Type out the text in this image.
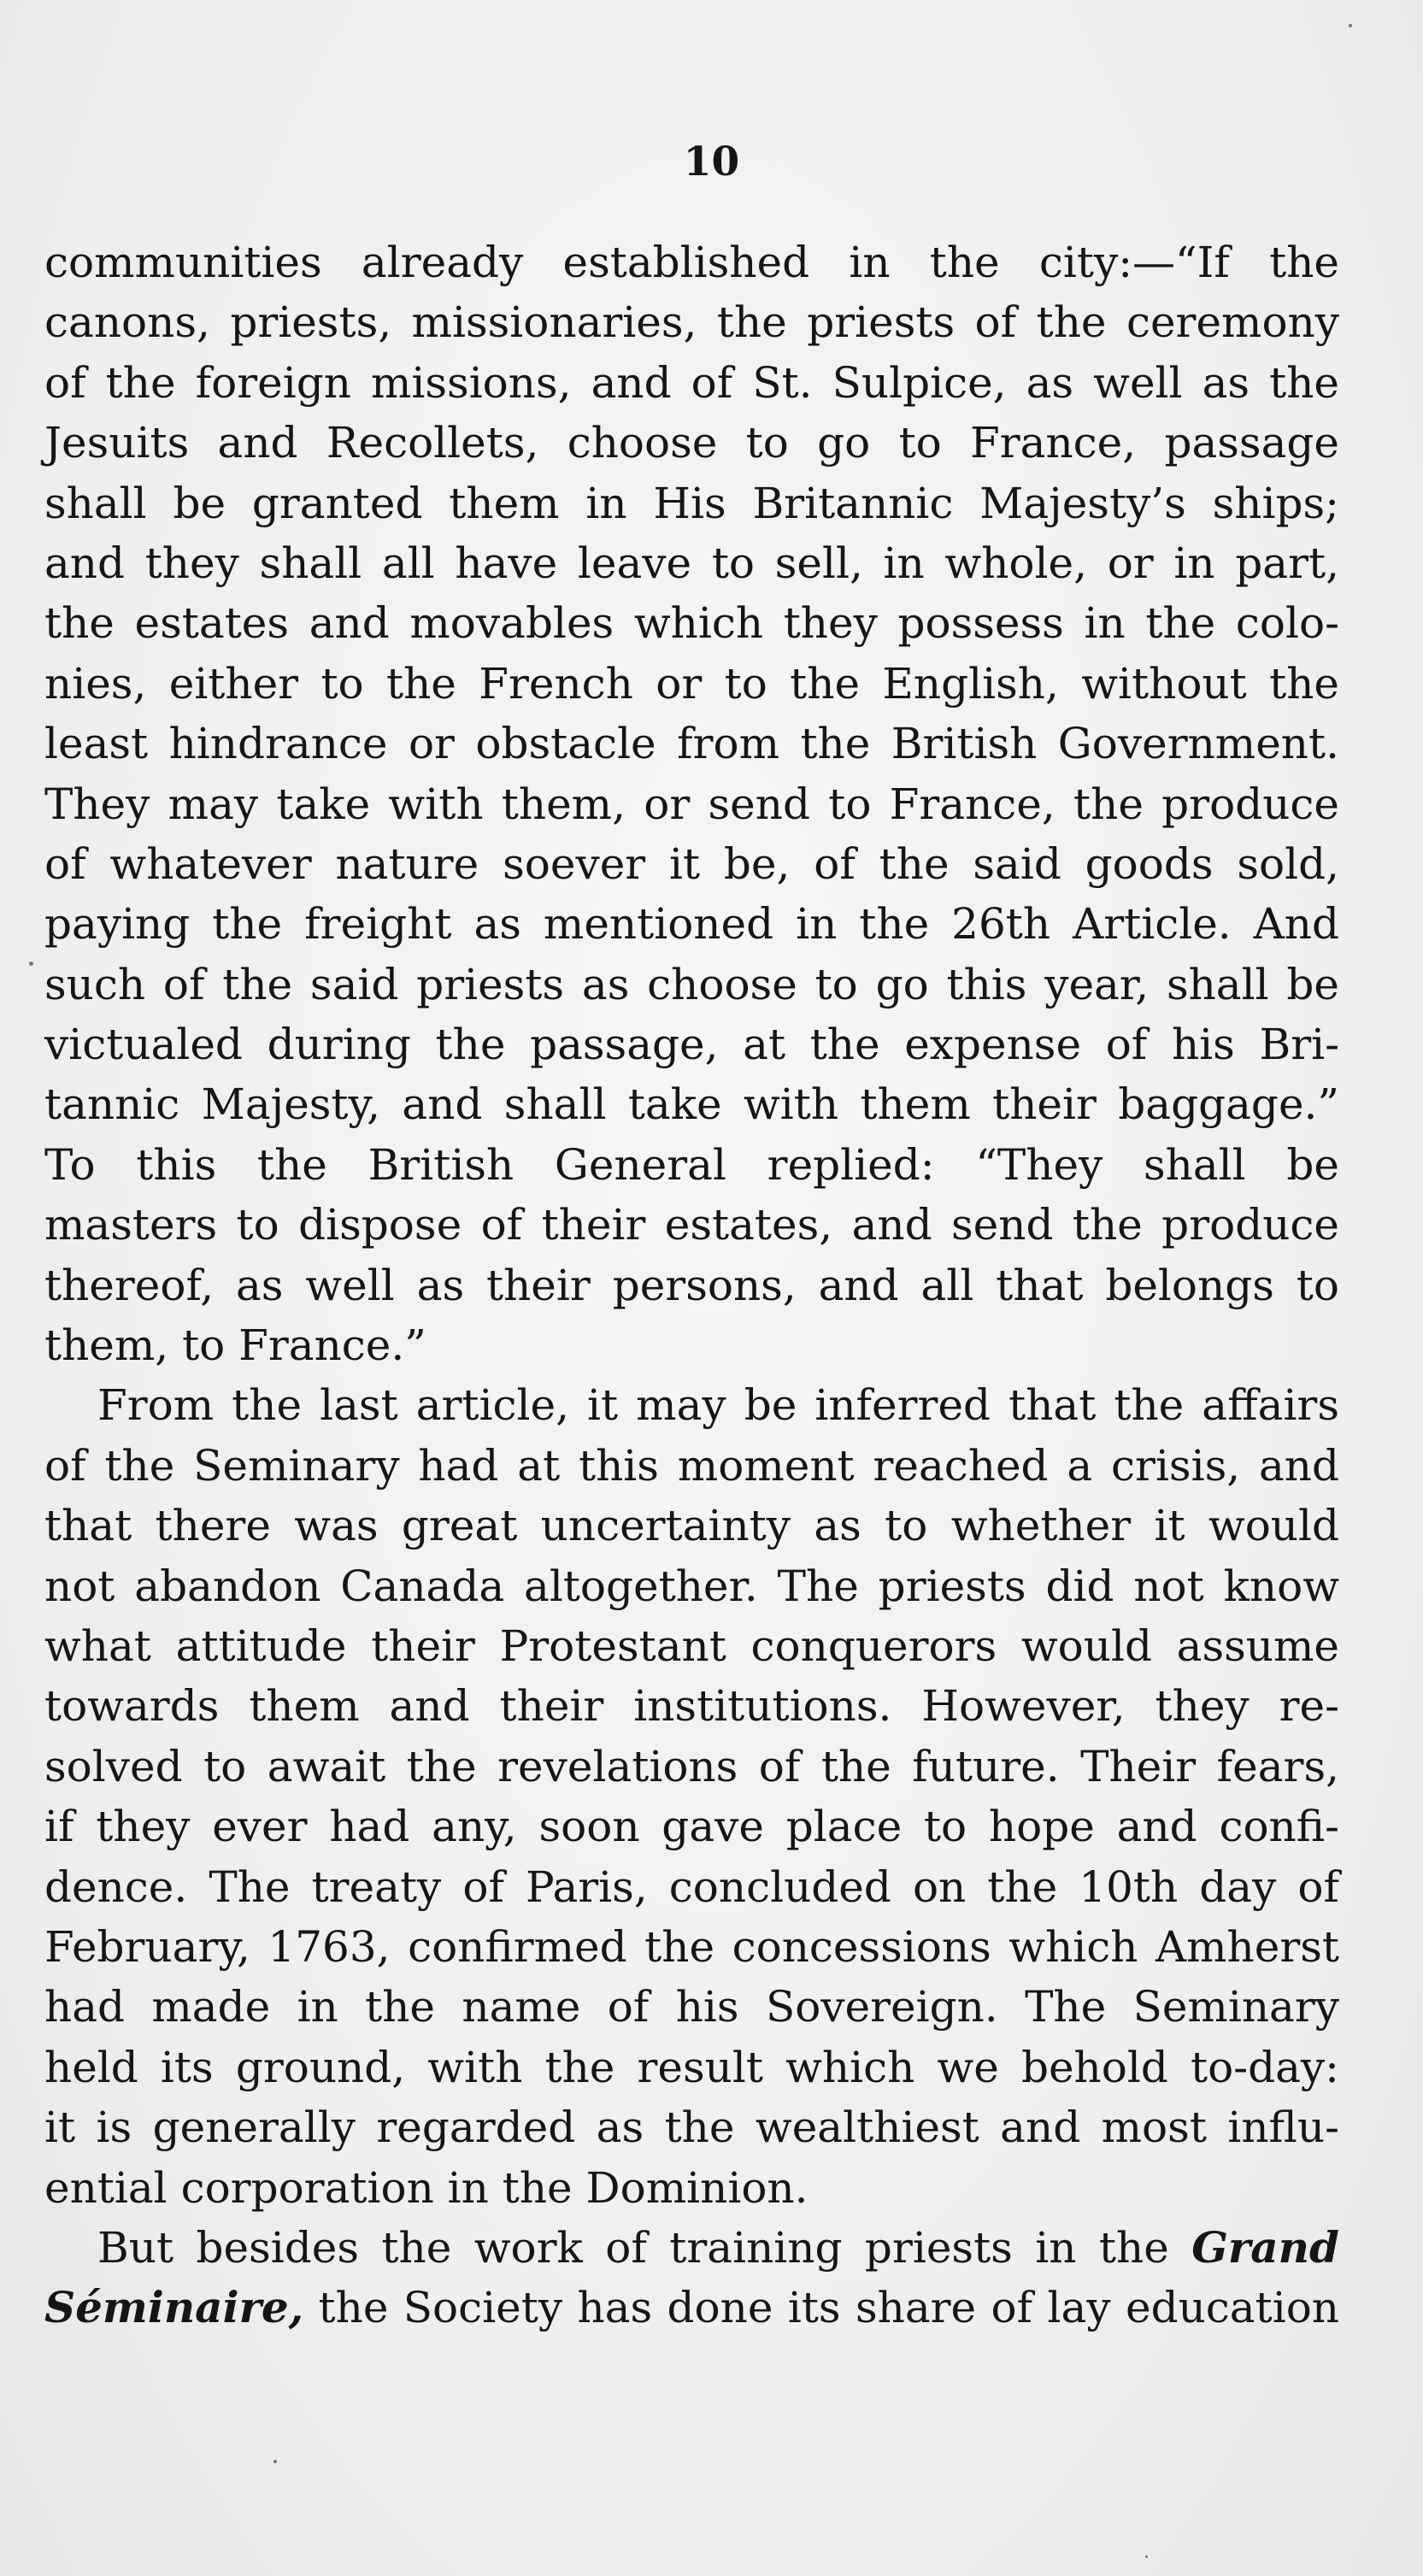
10
communities already established in the city:—“If the
canons, priests, missionaries, the priests of the ceremony
of the foreign missions, and of St. Sulpice, as well as the
Jesuits and Recollets, choose to go to France, passage
shall be granted them in His Britannic Majesty’s ships;
and they shall all have leave to sell, in whole, or in part,
the estates and movables which they possess in the colo-
nies, either to the French or to the English, without the
least hindrance or obstacle from the British Government.
They may take with them, or send to France, the produce
of whatever nature soever it be, of the said goods sold,
paying the freight as mentioned in the 26th Article. And
such of the said priests as choose to go this year, shall be
victualed during the passage, at the expense of his Bri-
tannic Majesty, and shall take with them their baggage.”
To this the British General replied: “They shall be
masters to dispose of their estates, and send the produce
thereof, as well as their persons, and all that belongs to
them, to France.”
From the last article, it may be inferred that the affairs
of the Seminary had at this moment reached a crisis, and
that there was great uncertainty as to whether it would
not abandon Canada altogether. The priests did not know
what attitude their Protestant conquerors would assume
towards them and their institutions. However, they re-
solved to await the revelations of the future. Their fears,
if they ever had any, soon gave place to hope and confi-
dence. The treaty of Paris, concluded on the 10th day of
February, 1763, confirmed the concessions which Amherst
had made in the name of his Sovereign. The Seminary
held its ground, with the result which we behold to-day:
it is generally regarded as the wealthiest and most influ-
ential corporation in the Dominion.
But besides the work of training priests in the Grand
Séminaire, the Society has done its share of lay education
